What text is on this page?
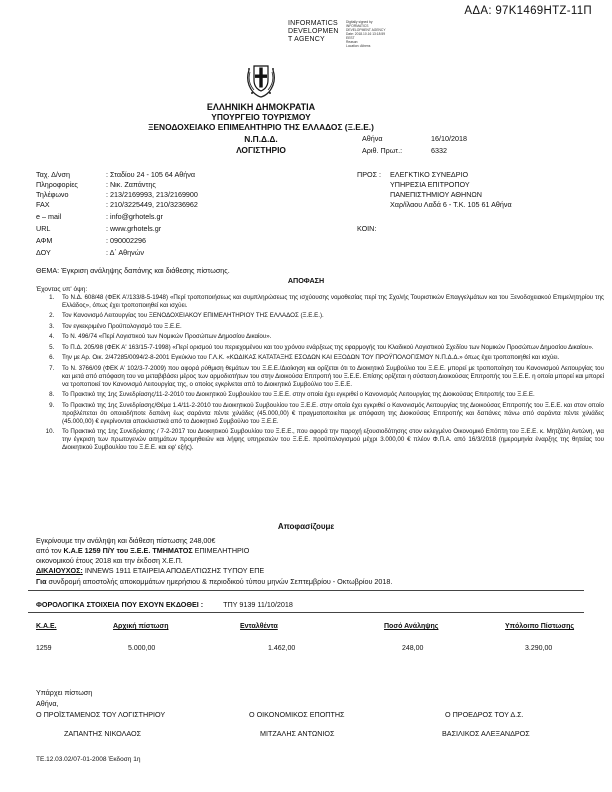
ΑΔΑ: 97Κ1469ΗΤΖ-11Π
INFORMATICS
DEVELOPMEN
T AGENCY
Digitally signed by
INFORMATICS
DEVELOPMENT AGENCY
Date: 2018.10.16 13:18:59
EEST
Reason:
Location: Athens
ΕΛΛΗΝΙΚΗ ΔΗΜΟΚΡΑΤΙΑ
ΥΠΟΥΡΓΕΙΟ ΤΟΥΡΙΣΜΟΥ
ΞΕΝΟΔΟΧΕΙΑΚΟ ΕΠΙΜΕΛΗΤΗΡΙΟ ΤΗΣ ΕΛΛΑΔΟΣ (Ξ.Ε.Ε.)
Ν.Π.Δ.Δ.
ΛΟΓΙΣΤΗΡΙΟ
Αθήνα	16/10/2018
Αριθ. Πρωτ.:	6332
Ταχ. Δ/νση	: Σταδίου 24 - 105 64 Αθήνα
Πληροφορίες	: Νικ. Ζαπάντης
Τηλέφωνο	: 213/2169993, 213/2169900
FAX	: 210/3225449, 210/3236962
e – mail	: info@grhotels.gr
URL	: www.grhotels.gr
ΑΦΜ	: 090002296
ΔΟΥ	: Δ΄ Αθηνών
ΠΡΟΣ : ΕΛΕΓΚΤΙΚΟ ΣΥΝΕΔΡΙΟ
ΥΠΗΡΕΣΙΑ ΕΠΙΤΡΟΠΟΥ
ΠΑΝΕΠΙΣΤΗΜΙΟΥ ΑΘΗΝΩΝ
Χαρ/ίλαου Λαδά 6 - Τ.Κ. 105 61 Αθήνα
ΚΟΙΝ:
ΘΕΜΑ: Έγκριση ανάληψης δαπάνης και διάθεσης πίστωσης.
ΑΠΟΦΑΣΗ
Έχοντας υπ' όψη:
1. Το Ν.Δ. 608/48 (ΦΕΚ Α'/133/8-5-1948) «Περί τροποποιήσεως και συμπληρώσεως της ισχύουσης νομοθεσίας περί της Σχολής Τουριστικών Επαγγελμάτων και του Ξενοδοχειακού Επιμελητηρίου της Ελλάδος», όπως έχει τροποποιηθεί και ισχύει.
2. Τον Κανονισμό Λειτουργίας του ΞΕΝΟΔΟΧΕΙΑΚΟΥ ΕΠΙΜΕΛΗΤΗΡΙΟΥ ΤΗΣ ΕΛΛΑΔΟΣ (Ξ.Ε.Ε.).
3. Τον εγκεκριμένο Προϋπολογισμό του Ξ.Ε.Ε.
4. Το Ν. 496/74 «Περί Λογιστικού των Νομικών Προσώπων Δημοσίου Δικαίου».
5. Το Π.Δ. 205/98 (ΦΕΚ Α' 163/15-7-1998) «Περί ορισμού του περιεχομένου και του χρόνου ενάρξεως της εφαρμογής του Κλαδικού Λογιστικού Σχεδίου των Νομικών Προσώπων Δημοσίου Δικαίου».
6. Την με Αρ. Οικ. 2/47285/0094/2-8-2001 Εγκύκλιο του Γ.Λ.Κ. «ΚΩΔΙΚΑΣ ΚΑΤΑΤΑΞΗΣ ΕΣΟΔΩΝ ΚΑΙ ΕΞΟΔΩΝ ΤΟΥ ΠΡΟΫΠΟΛΟΓΙΣΜΟΥ Ν.Π.Δ.Δ.» όπως έχει τροποποιηθεί και ισχύει.
7. Το Ν. 3766/09 (ΦΕΚ Α' 102/3-7-2009) που αφορά ρύθμιση θεμάτων του Ξ.Ε.Ε./Διοίκηση και ορίζεται ότι το Διοικητικό Συμβούλιο του Ξ.Ε.Ε. μπορεί με τροποποίηση του Κανονισμού Λειτουργίας του και μετά από απόφαση του να μεταβιβάσει μέρος των αρμοδιοτήτων του στην Διοικούσα Επιτροπή του Ξ.Ε.Ε. Επίσης ορίζεται η σύσταση Διοικούσας Επιτροπής του Ξ.Ε.Ε. η οποία μπορεί και μπορεί να τροποποιεί τον Κανονισμό Λειτουργίας της, ο οποίος εγκρίνεται από το Διοικητικό Συμβούλιο του Ξ.Ε.Ε.
8. Το Πρακτικό της 1ης Συνεδρίασης/11-2-2010 του Διοικητικού Συμβουλίου του Ξ.Ε.Ε. στην οποία έχει εγκριθεί ο Κανονισμός Λειτουργίας της Διοικούσας Επιτροπής του Ξ.Ε.Ε.
9. Το Πρακτικό της 1ης Συνεδρίασης/Θέμα 1.4/11-2-2010 του Διοικητικού Συμβουλίου του Ξ.Ε.Ε. στην οποία έχει εγκριθεί ο Κανονισμός Λειτουργίας της Διοικούσας Επιτροπής του Ξ.Ε.Ε. και στον οποίο προβλέπεται ότι οποιαδήποτε δαπάνη έως σαράντα πέντε χιλιάδες (45.000,00) € πραγματοποιείται με απόφαση της Διοικούσας Επιτροπής και δαπάνες πάνω από σαράντα πέντε χιλιάδες (45.000,00) € εγκρίνονται αποκλειστικά από το Διοικητικό Συμβούλιο του Ξ.Ε.Ε.
10. Το Πρακτικό της 1ης Συνεδρίασης / 7-2-2017 του Διοικητικού Συμβουλίου του Ξ.Ε.Ε., που αφορά την παροχή εξουσιοδότησης στον εκλεγμένο Οικονομικό Επόπτη του Ξ.Ε.Ε. κ. Μητζάλη Αντώνη, για την έγκριση των πρωτογενών αιτημάτων προμηθειών και λήψης υπηρεσιών του Ξ.Ε.Ε. προϋπολογισμού μέχρι 3.000,00 € πλέον Φ.Π.Α. από 16/3/2018 (ημερομηνία έναρξης της θητείας του Διοικητικού Συμβουλίου του Ξ.Ε.Ε. και εφ' εξής).
Αποφασίζουμε
Εγκρίνουμε την ανάληψη και διάθεση πίστωσης 248,00€
από τον Κ.Α.Ε 1259 Π/Υ του Ξ.Ε.Ε. ΤΜΗΜΑΤΟΣ ΕΠΙΜΕΛΗΤΗΡΙΟ
οικονομικού έτους 2018 και την έκδοση Χ.Ε.Π.
ΔΙΚΑΙΟΥΧΟΣ: INNEWS 1911 ΕΤΑΙΡΕΙΑ ΑΠΟΔΕΛΤΙΩΣΗΣ ΤΥΠΟΥ ΕΠΕ
Για συνδρομή αποστολής αποκομμάτων ημερήσιου & περιοδικού τύπου μηνών Σεπτεμβρίου - Οκτωβρίου 2018.
ΦΟΡΟΛΟΓΙΚΑ ΣΤΟΙΧΕΙΑ ΠΟΥ ΕΧΟΥΝ ΕΚΔΟΘΕΙ :	ΤΠΥ 9139 11/10/2018
Κ.Α.Ε.	Αρχική πίστωση	Ενταλθέντα	Ποσό Ανάληψης	Υπόλοιπο Πίστωσης
1259	5.000,00	1.462,00	248,00	3.290,00
Υπάρχει πίστωση
Αθήνα,
Ο ΠΡΟΪΣΤΑΜΕΝΟΣ ΤΟΥ ΛΟΓΙΣΤΗΡΙΟΥ	Ο ΟΙΚΟΝΟΜΙΚΟΣ ΕΠΟΠΤΗΣ	Ο ΠΡΟΕΔΡΟΣ ΤΟΥ Δ.Σ.
ΖΑΠΑΝΤΗΣ ΝΙΚΟΛΑΟΣ	ΜΙΤΖΑΛΗΣ ΑΝΤΩΝΙΟΣ	ΒΑΣΙΛΙΚΟΣ ΑΛΕΞΑΝΔΡΟΣ
ΤΕ.12.03.02/07-01-2008 Έκδοση 1η
